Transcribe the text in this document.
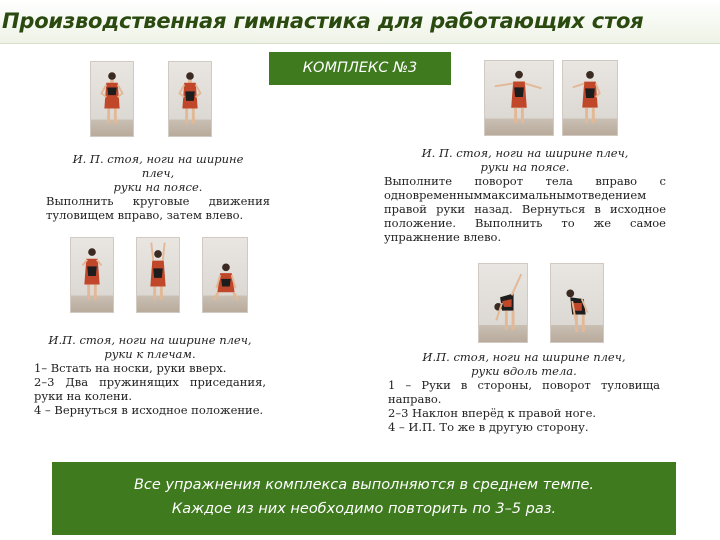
Производственная гимнастика для работающих стоя
КОМПЛЕКС №3

И. П. стоя, ноги на ширине

плеч,

руки на поясе.

Выполнить круговые движения туловищем вправо, затем влево.

И. П. стоя, ноги на ширине плеч,

руки на поясе.

Выполните поворот тела вправо с одновременныммаксимальнымотведением правой руки назад. Вернуться в исходное положение. Выполнить то же самое упражнение влево.

И.П. стоя, ноги на ширине плеч,

руки к плечам.

1– Встать на носки, руки вверх.

2–3 Два пружинящих приседания, руки на колени.

4 – Вернуться в исходное положение.

И.П. стоя, ноги на ширине плеч,

руки вдоль тела.

1 – Руки в стороны, поворот туловища направо.

2–3 Наклон вперёд к правой ноге.

4 – И.П. То же в другую сторону.

Все упражнения комплекса выполняются в среднем темпе.
Каждое из них необходимо повторить по 3–5 раз.
